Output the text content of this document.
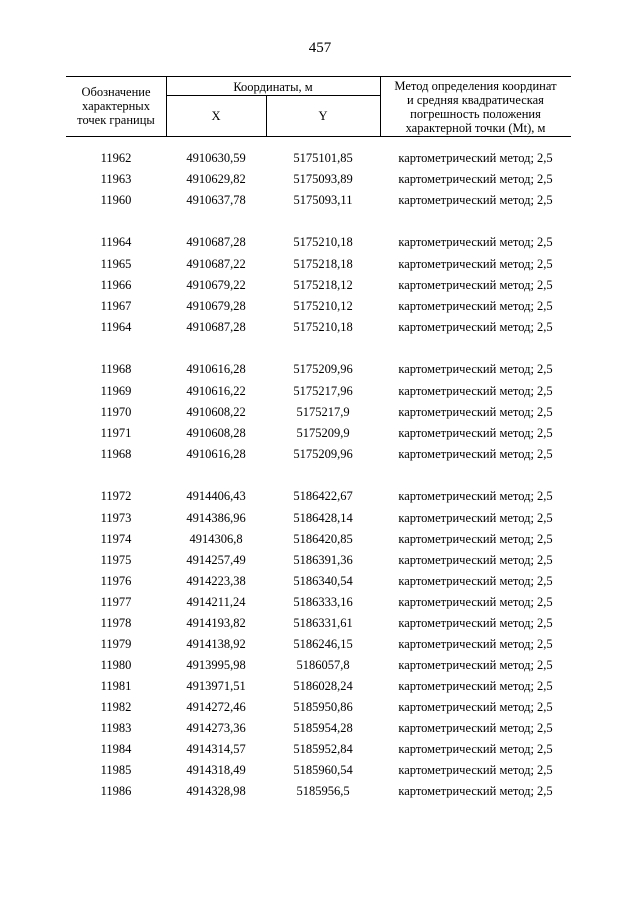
457
Обозначение
характерных
точек границы
Координаты, м
X	Y
Метод определения координат
и средняя квадратическая
погрешность положения
характерной точки (Mt), м
11962	4910630,59	5175101,85	картометрический метод; 2,5
11963	4910629,82	5175093,89	картометрический метод; 2,5
11960	4910637,78	5175093,11	картометрический метод; 2,5
11964	4910687,28	5175210,18	картометрический метод; 2,5
11965	4910687,22	5175218,18	картометрический метод; 2,5
11966	4910679,22	5175218,12	картометрический метод; 2,5
11967	4910679,28	5175210,12	картометрический метод; 2,5
11964	4910687,28	5175210,18	картометрический метод; 2,5
11968	4910616,28	5175209,96	картометрический метод; 2,5
11969	4910616,22	5175217,96	картометрический метод; 2,5
11970	4910608,22	5175217,9	картометрический метод; 2,5
11971	4910608,28	5175209,9	картометрический метод; 2,5
11968	4910616,28	5175209,96	картометрический метод; 2,5
11972	4914406,43	5186422,67	картометрический метод; 2,5
11973	4914386,96	5186428,14	картометрический метод; 2,5
11974	4914306,8	5186420,85	картометрический метод; 2,5
11975	4914257,49	5186391,36	картометрический метод; 2,5
11976	4914223,38	5186340,54	картометрический метод; 2,5
11977	4914211,24	5186333,16	картометрический метод; 2,5
11978	4914193,82	5186331,61	картометрический метод; 2,5
11979	4914138,92	5186246,15	картометрический метод; 2,5
11980	4913995,98	5186057,8	картометрический метод; 2,5
11981	4913971,51	5186028,24	картометрический метод; 2,5
11982	4914272,46	5185950,86	картометрический метод; 2,5
11983	4914273,36	5185954,28	картометрический метод; 2,5
11984	4914314,57	5185952,84	картометрический метод; 2,5
11985	4914318,49	5185960,54	картометрический метод; 2,5
11986	4914328,98	5185956,5	картометрический метод; 2,5
